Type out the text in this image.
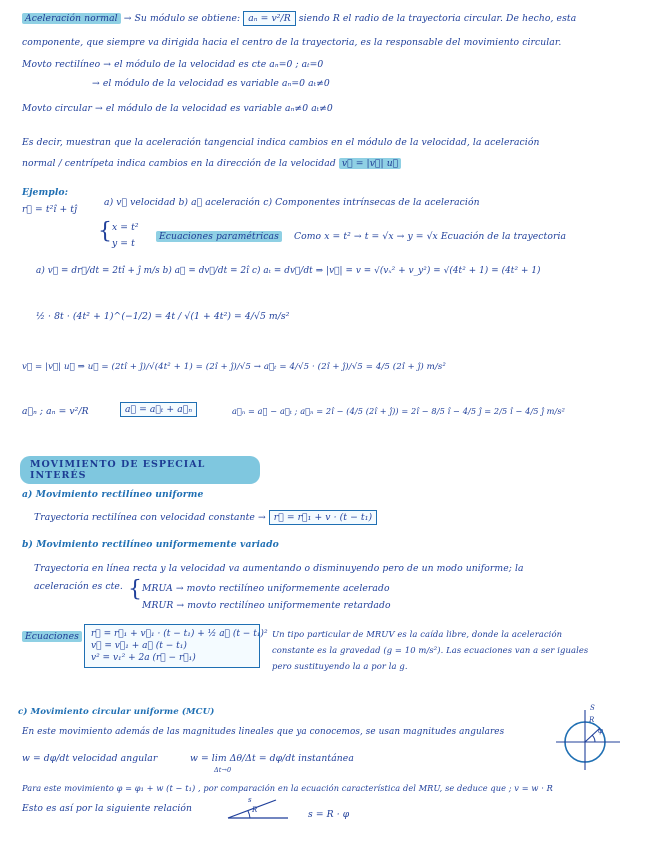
Aceleración normal → Su módulo se obtiene: aₙ = v²/R siendo R el radio de la trayectoria circular. De hecho, esta
componente, que siempre va dirigida hacia el centro de la trayectoria, es la responsable del movimiento circular.
Movto rectilíneo → el módulo de la velocidad es cte aₙ=0 ; aₜ=0
→ el módulo de la velocidad es variable aₙ=0 aₜ≠0
Movto circular → el módulo de la velocidad es variable aₙ≠0 aₜ≠0
Es decir, muestran que la aceleración tangencial indica cambios en el módulo de la velocidad, la aceleración
normal / centrípeta indica cambios en la dirección de la velocidad v⃗ = |v⃗| u⃗
Ejemplo:
r⃗ = t²î + tĵ
a) v⃗ velocidad b) a⃗ aceleración c) Componentes intrínsecas de la aceleración
{ x = t²
y = t
Ecuaciones paramétricas Como x = t² → t = √x → y = √x Ecuación de la trayectoria
a) v⃗ = dr⃗/dt = 2tî + ĵ m/s b) a⃗ = dv⃗/dt = 2î c) aₜ = dv⃗/dt ⇒ |v⃗| = v = √(vₓ² + v_y²) = √(4t² + 1) = (4t² + 1)
½ · 8t · (4t² + 1)^(−1/2) = 4t / √(1 + 4t²) = 4/√5 m/s²
v⃗ = |v⃗| u⃗ ⇒ u⃗ = (2tî + ĵ)/√(4t² + 1) = (2î + ĵ)/√5 → a⃗ₜ = 4/√5 · (2î + ĵ)/√5 = 4/5 (2î + ĵ) m/s²
a⃗ₙ ; aₙ = v²/R	a⃗ = a⃗ₜ + a⃗ₙ	a⃗ₙ = a⃗ − a⃗ₜ ; a⃗ₙ = 2î − (4/5 (2î + ĵ)) = 2î − 8/5 î − 4/5 ĵ = 2/5 î − 4/5 ĵ m/s²
MOVIMIENTO DE ESPECIAL INTERÉS
a) Movimiento rectilíneo uniforme
Trayectoria rectilínea con velocidad constante → r⃗ = r⃗₁ + v · (t − t₁)
b) Movimiento rectilíneo uniformemente variado
Trayectoria en línea recta y la velocidad va aumentando o disminuyendo pero de un modo uniforme; la
aceleración es cte. { MRUA → movto rectilíneo uniformemente acelerado
MRUR → movto rectilíneo uniformemente retardado
Ecuaciones	r⃗ = r⃗₁ + v⃗₁ · (t − t₁) + ½ a⃗ (t − t₁)²
v⃗ = v⃗₁ + a⃗ (t − t₁)
v² = v₁² + 2a (r⃗ − r⃗₁)
Un tipo particular de MRUV es la caída libre, donde la aceleración
constante es la gravedad (g = 10 m/s²). Las ecuaciones van a ser iguales
pero sustituyendo la a por la g.
c) Movimiento circular uniforme (MCU)
En este movimiento además de las magnitudes lineales que ya conocemos, se usan magnitudes angulares
w = dφ/dt velocidad angular	w = lim Δθ/Δt = dφ/dt instantánea
Δt→0
Para este movimiento φ = φ₁ + w (t − t₁) , por comparación en la ecuación característica del MRU, se deduce que ; v = w · R
Esto es así por la siguiente relación
s = R · φ
s
R
S
R
φ
